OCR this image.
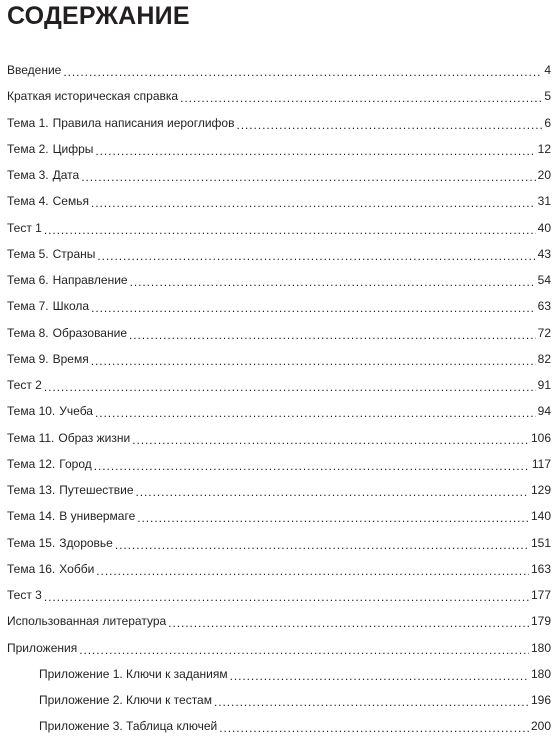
СОДЕРЖАНИЕ
Введение . . .	4
Краткая историческая справка . . .	5
Тема 1. Правила написания иероглифов . . .	6
Тема 2. Цифры . . .	12
Тема 3. Дата . . .	20
Тема 4. Семья . . .	31
Тест 1 . . .	40
Тема 5. Страны . . .	43
Тема 6. Направление . . .	54
Тема 7. Школа . . .	63
Тема 8. Образование . . .	72
Тема 9. Время . . .	82
Тест 2 . . .	91
Тема 10. Учеба . . .	94
Тема 11. Образ жизни . . .	106
Тема 12. Город . . .	117
Тема 13. Путешествие . . .	129
Тема 14. В универмаге . . .	140
Тема 15. Здоровье . . .	151
Тема 16. Хобби . . .	163
Тест 3 . . .	177
Использованная литература . . .	179
Приложения . . .	180
Приложение 1. Ключи к заданиям . . .	180
Приложение 2. Ключи к тестам . . .	196
Приложение 3. Таблица ключей . . .	200
